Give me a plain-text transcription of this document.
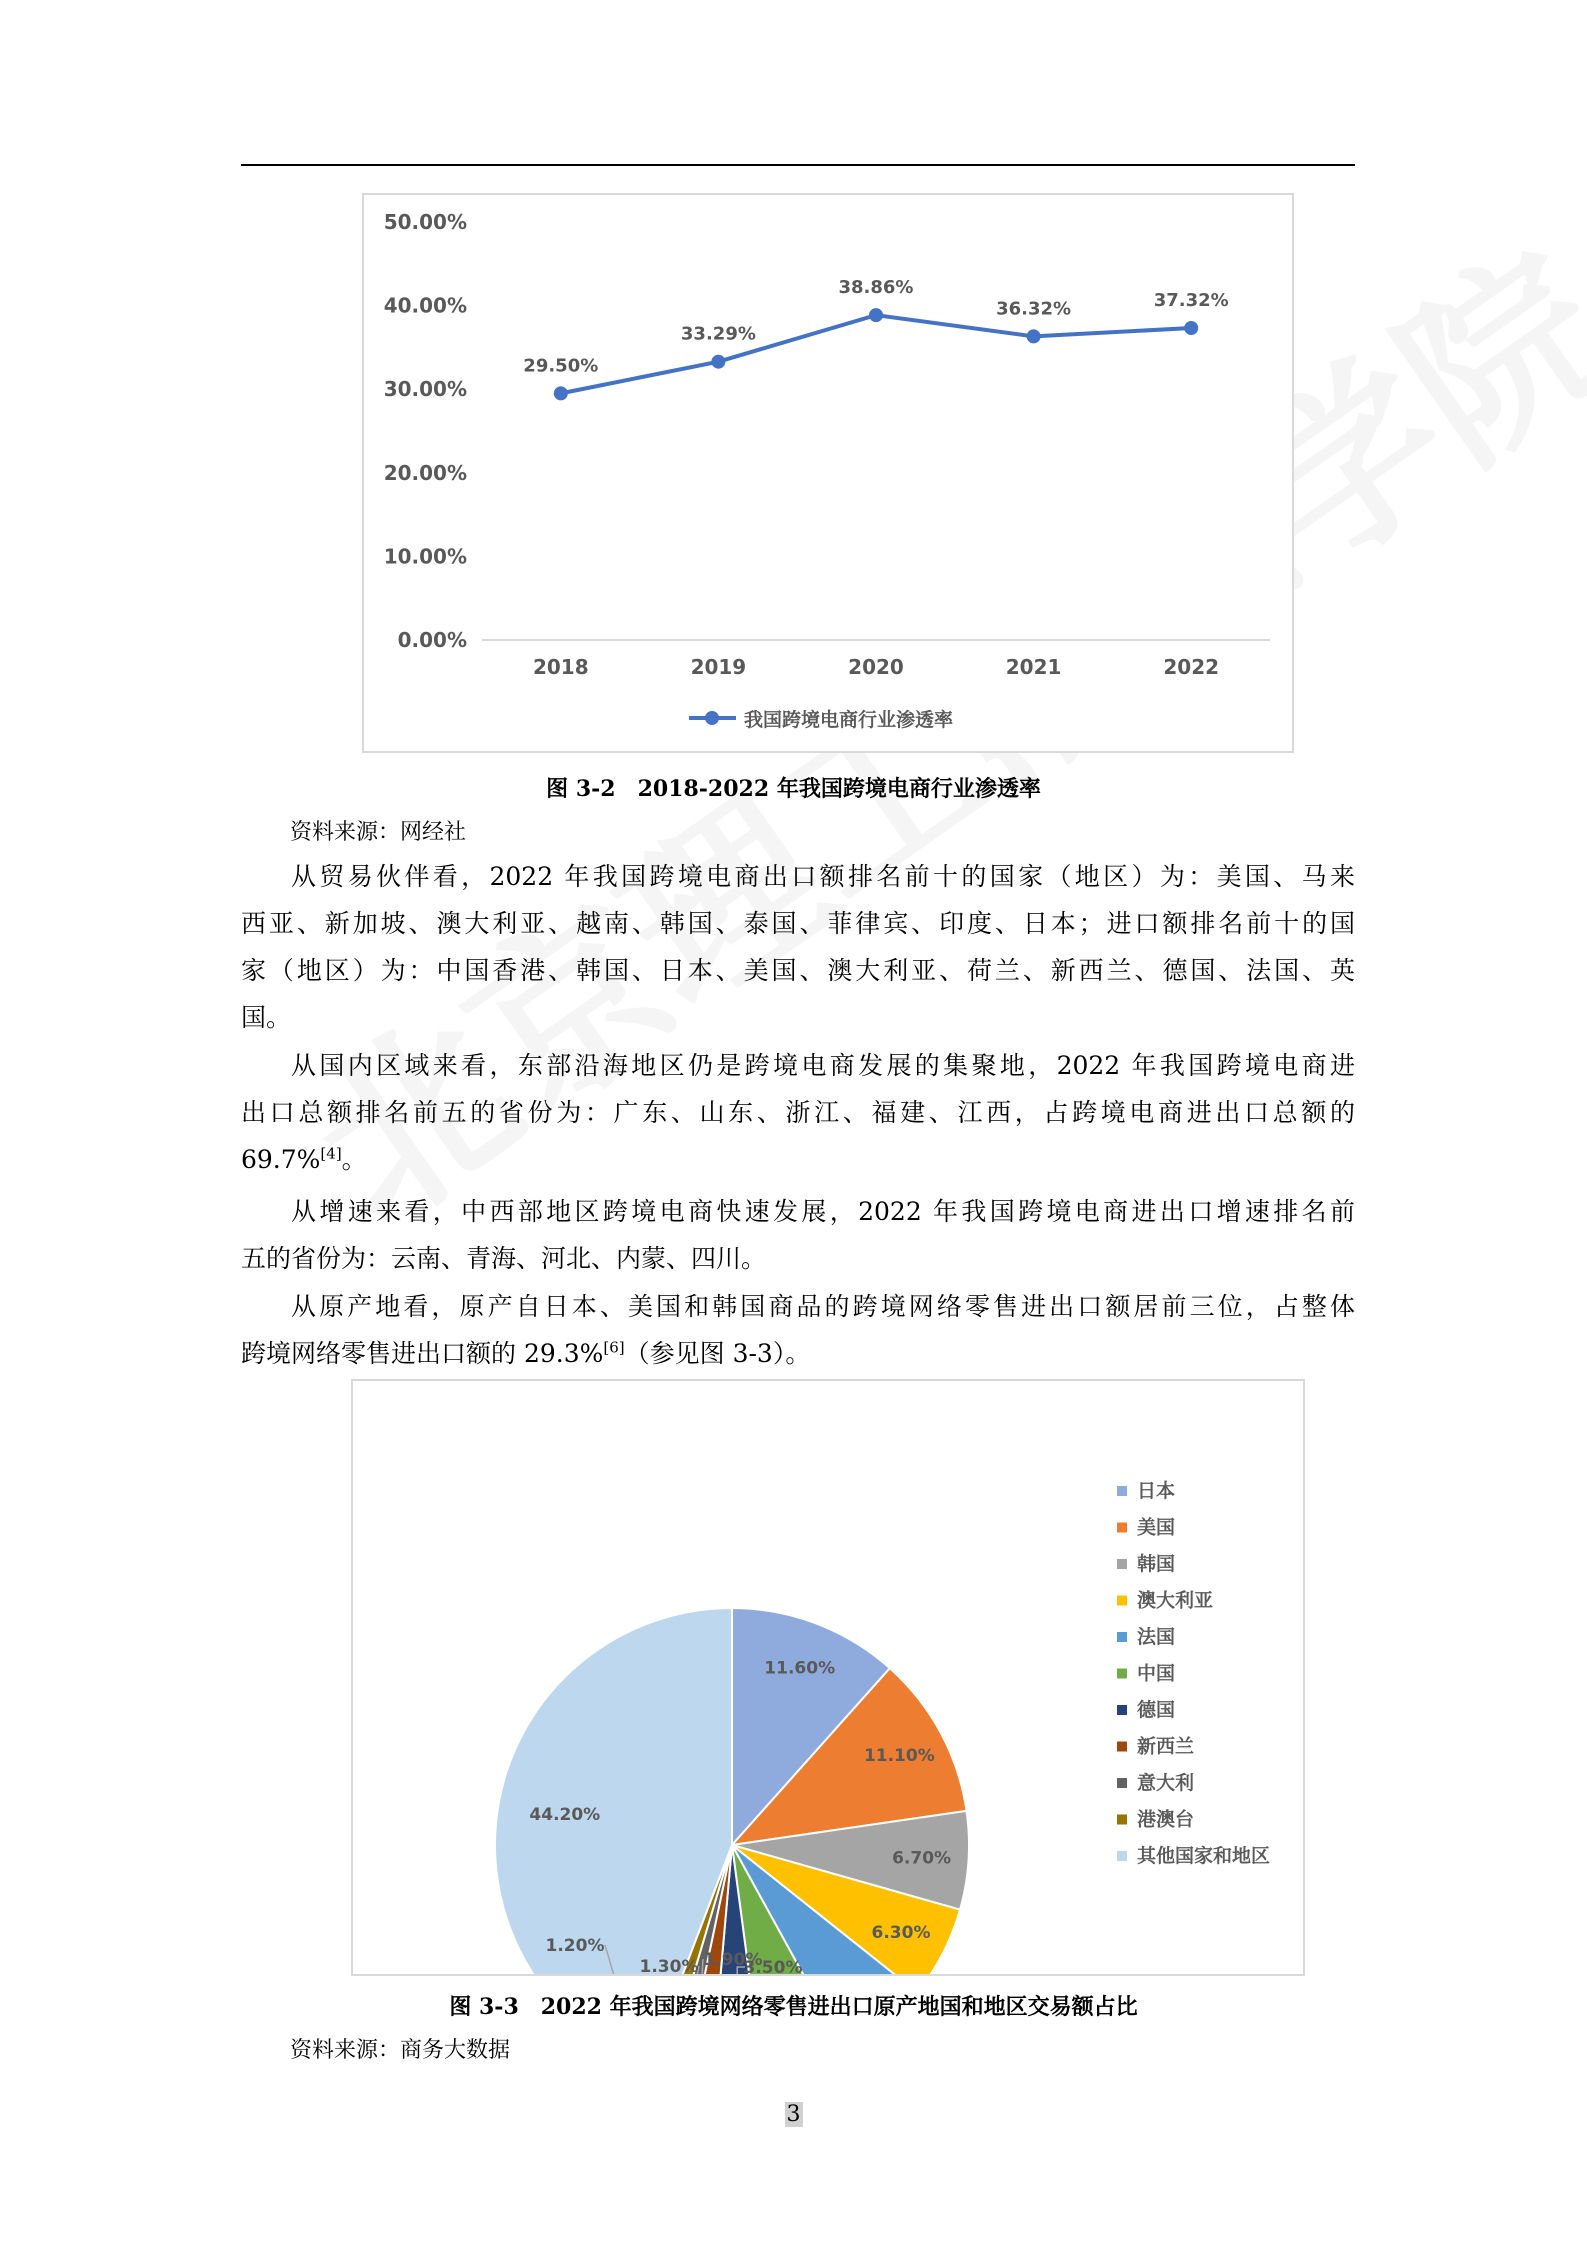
0.00%
10.00%
20.00%
30.00%
40.00%
50.00%
2018	2019	2020	2021	2022
29.50%
33.29%
38.86%
36.32%	37.32%
我国跨境电商行业渗透率
图 3-2 2018-2022 年我国跨境电商行业渗透率
资料来源：网经社
从贸易伙伴看，2022 年我国跨境电商出口额排名前十的国家（地区）为：美国、马来
西亚、新加坡、澳大利亚、越南、韩国、泰国、菲律宾、印度、日本；进口额排名前十的国
家（地区）为：中国香港、韩国、日本、美国、澳大利亚、荷兰、新西兰、德国、法国、英
国。
从国内区域来看，东部沿海地区仍是跨境电商发展的集聚地，2022 年我国跨境电商进
出口总额排名前五的省份为：广东、山东、浙江、福建、江西，占跨境电商进出口总额的
69.7%[4]。
从增速来看，中西部地区跨境电商快速发展，2022 年我国跨境电商进出口增速排名前
五的省份为：云南、青海、河北、内蒙、四川。
从原产地看，原产自日本、美国和韩国商品的跨境网络零售进出口额居前三位，占整体
跨境网络零售进出口额的 29.3%[6]（参见图 3-3）。
11.60%
11.10%
6.70%
6.30%
3.50%
1.90%
1.30%
1.20%
44.20%
日本
美国
韩国
澳大利亚
法国
中国
德国
新西兰
意大利
港澳台
其他国家和地区
图 3-3 2022 年我国跨境网络零售进出口原产地国和地区交易额占比
资料来源：商务大数据
3
